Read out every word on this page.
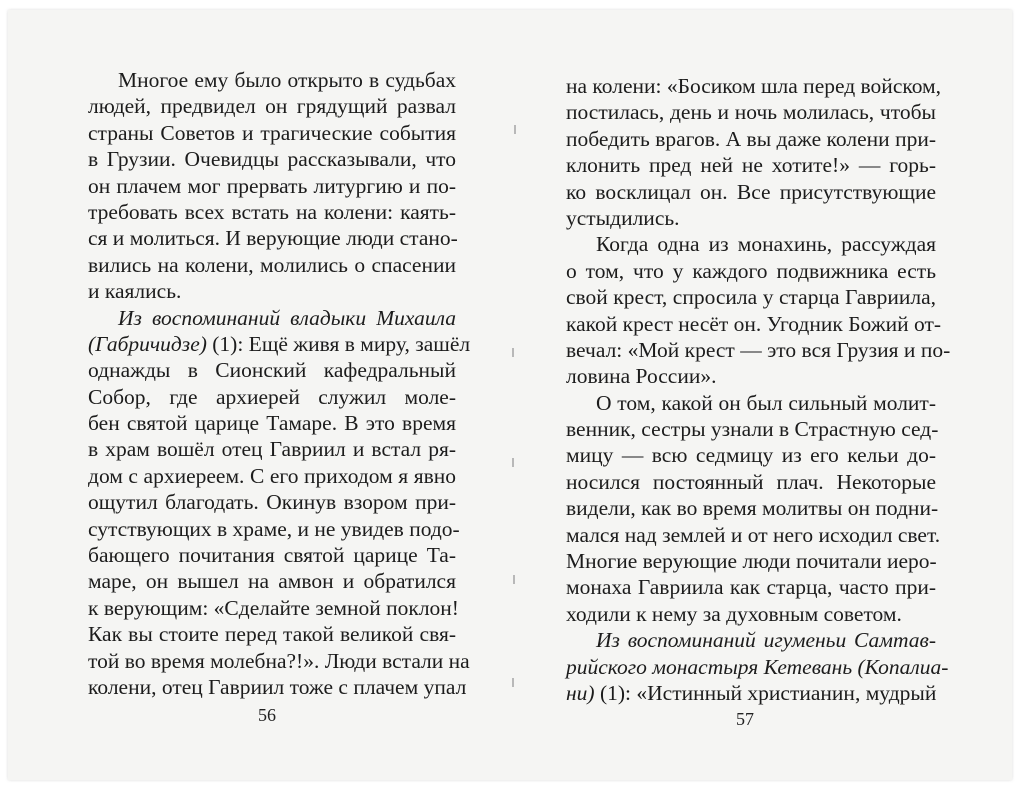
Многое ему было открыто в судьбах
людей, предвидел он грядущий развал
страны Советов и трагические события
в Грузии. Очевидцы рассказывали, что
он плачем мог прервать литургию и по-
требовать всех встать на колени: каять-
ся и молиться. И верующие люди стано-
вились на колени, молились о спасении
и каялись.
Из воспоминаний владыки Михаила
(Габричидзе) (1): Ещё живя в миру, зашёл
однажды в Сионский кафедральный
Собор, где архиерей служил моле-
бен святой царице Тамаре. В это время
в храм вошёл отец Гавриил и встал ря-
дом с архиереем. С его приходом я явно
ощутил благодать. Окинув взором при-
сутствующих в храме, и не увидев подо-
бающего почитания святой царице Та-
маре, он вышел на амвон и обратился
к верующим: «Сделайте земной поклон!
Как вы стоите перед такой великой свя-
той во время молебна?!». Люди встали на
колени, отец Гавриил тоже с плачем упал
56
на колени: «Босиком шла перед войском,
постилась, день и ночь молилась, чтобы
победить врагов. А вы даже колени при-
клонить пред ней не хотите!» — горь-
ко восклицал он. Все присутствующие
устыдились.
Когда одна из монахинь, рассуждая
о том, что у каждого подвижника есть
свой крест, спросила у старца Гавриила,
какой крест несёт он. Угодник Божий от-
вечал: «Мой крест — это вся Грузия и по-
ловина России».
О том, какой он был сильный молит-
венник, сестры узнали в Страстную сед-
мицу — всю седмицу из его кельи до-
носился постоянный плач. Некоторые
видели, как во время молитвы он подни-
мался над землей и от него исходил свет.
Многие верующие люди почитали иеро-
монаха Гавриила как старца, часто при-
ходили к нему за духовным советом.
Из воспоминаний игуменьи Самтав-
рийского монастыря Кетевань (Копалиа-
ни) (1): «Истинный христианин, мудрый
57
